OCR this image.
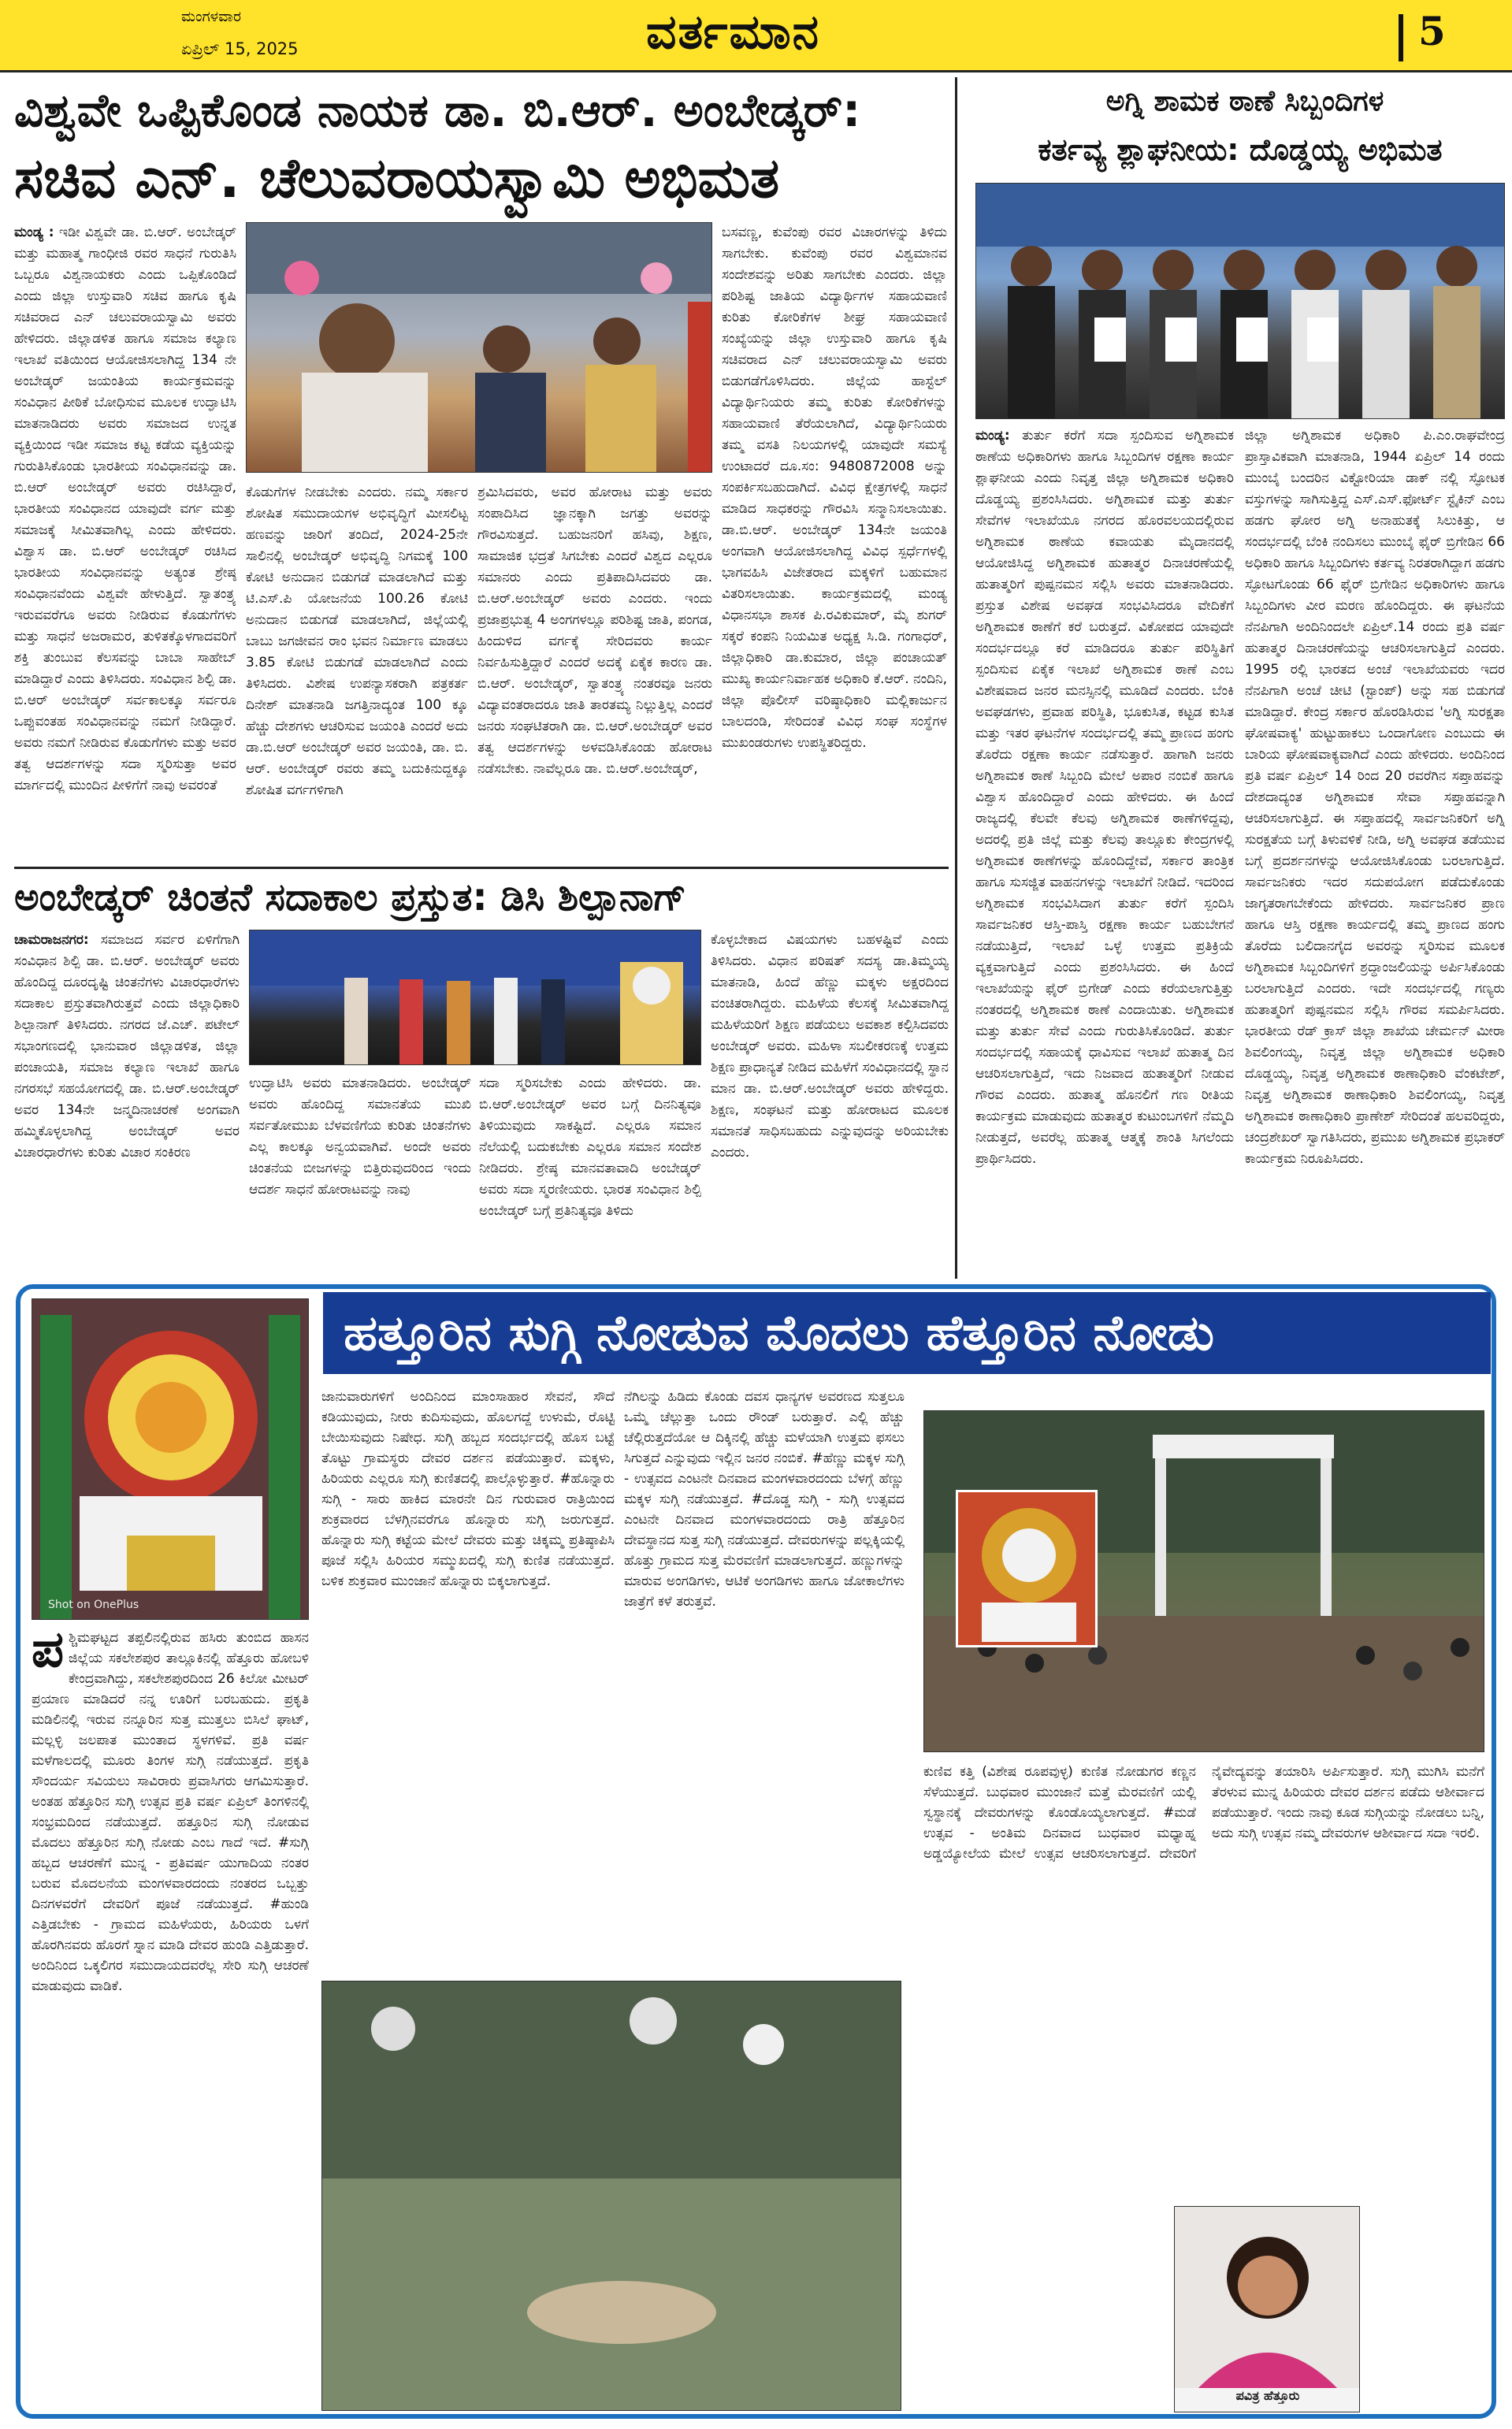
ಮಂಗಳವಾರ
ಏಪ್ರಿಲ್ 15, 2025	ವರ್ತಮಾನ	5
ವಿಶ್ವವೇ ಒಪ್ಪಿಕೊಂಡ ನಾಯಕ ಡಾ. ಬಿ.ಆರ್. ಅಂಬೇಡ್ಕರ್:
ಸಚಿವ ಎನ್. ಚೆಲುವರಾಯಸ್ವಾಮಿ ಅಭಿಮತ
ಅಗ್ನಿ ಶಾಮಕ ಠಾಣೆ ಸಿಬ್ಬಂದಿಗಳ
ಕರ್ತವ್ಯ ಶ್ಲಾಘನೀಯ: ದೊಡ್ಡಯ್ಯ ಅಭಿಮತ
ಮಂಡ್ಯ : ಇಡೀ ವಿಶ್ವವೇ ಡಾ. ಬಿ.ಆರ್. ಅಂಬೇಡ್ಕರ್ ಮತ್ತು ಮಹಾತ್ಮ ಗಾಂಧೀಜಿ ರವರ ಸಾಧನೆ ಗುರುತಿಸಿ ಒಬ್ಬರೂ ವಿಶ್ವನಾಯಕರು ಎಂದು ಒಪ್ಪಿಕೊಂಡಿದೆ ಎಂದು ಜಿಲ್ಲಾ ಉಸ್ತುವಾರಿ ಸಚಿವ ಹಾಗೂ ಕೃಷಿ ಸಚಿವರಾದ ಎನ್ ಚಲುವರಾಯಸ್ವಾಮಿ ಅವರು ಹೇಳಿದರು. ಜಿಲ್ಲಾಡಳಿತ ಹಾಗೂ ಸಮಾಜ ಕಲ್ಯಾಣ ಇಲಾಖೆ ವತಿಯಿಂದ ಆಯೋಜಿಸಲಾಗಿದ್ದ 134 ನೇ ಅಂಬೇಡ್ಕರ್ ಜಯಂತಿಯ ಕಾರ್ಯಕ್ರಮವನ್ನು ಸಂವಿಧಾನ ಪೀಠಿಕೆ ಬೋಧಿಸುವ ಮೂಲಕ ಉದ್ಘಾಟಿಸಿ ಮಾತನಾಡಿದರು ಅವರು ಸಮಾಜದ ಉನ್ನತ ವ್ಯಕ್ತಿಯಿಂದ ಇಡೀ ಸಮಾಜ ಕಟ್ಟ ಕಡೆಯ ವ್ಯಕ್ತಿಯನ್ನು ಗುರುತಿಸಿಕೊಂಡು ಭಾರತೀಯ ಸಂವಿಧಾನವನ್ನು ಡಾ. ಬಿ.ಆರ್ ಅಂಬೇಡ್ಕರ್ ಅವರು ರಚಿಸಿದ್ದಾರೆ, ಭಾರತೀಯ ಸಂವಿಧಾನದ ಯಾವುದೇ ವರ್ಗ ಮತ್ತು ಸಮಾಜಕ್ಕೆ ಸೀಮಿತವಾಗಿಲ್ಲ ಎಂದು ಹೇಳಿದರು. ವಿಶ್ವಾಸ ಡಾ. ಬಿ.ಆರ್ ಅಂಬೇಡ್ಕರ್ ರಚಿಸಿದ ಭಾರತೀಯ ಸಂವಿಧಾನವನ್ನು ಅತ್ಯಂತ ಶ್ರೇಷ್ಠ ಸಂವಿಧಾನವೆಂದು ವಿಶ್ವವೇ ಹೇಳುತ್ತಿದೆ. ಸ್ವಾತಂತ್ರ್ಯ ಇರುವವರೆಗೂ ಅವರು ನೀಡಿರುವ ಕೊಡುಗೆಗಳು ಮತ್ತು ಸಾಧನೆ ಅಜರಾಮರ, ತುಳಿತಕ್ಕೊಳಗಾದವರಿಗೆ ಶಕ್ತಿ ತುಂಬುವ ಕೆಲಸವನ್ನು ಬಾಬಾ ಸಾಹೇಬ್ ಮಾಡಿದ್ದಾರೆ ಎಂದು ತಿಳಿಸಿದರು. ಸಂವಿಧಾನ ಶಿಲ್ಪಿ ಡಾ. ಬಿ.ಆರ್ ಅಂಬೇಡ್ಕರ್ ಸರ್ವಕಾಲಕ್ಕೂ ಸರ್ವರೂ ಒಪ್ಪುವಂತಹ ಸಂವಿಧಾನವನ್ನು ನಮಗೆ ನೀಡಿದ್ದಾರೆ. ಅವರು ನಮಗೆ ನೀಡಿರುವ ಕೊಡುಗೆಗಳು ಮತ್ತು ಅವರ ತತ್ವ ಆದರ್ಶಗಳನ್ನು ಸದಾ ಸ್ಮರಿಸುತ್ತಾ ಅವರ ಮಾರ್ಗದಲ್ಲಿ ಮುಂದಿನ ಪೀಳಿಗೆಗೆ ನಾವು ಅವರಂತೆ
ಕೊಡುಗೆಗಳ ನೀಡಬೇಕು ಎಂದರು. ನಮ್ಮ ಸರ್ಕಾರ ಶೋಷಿತ ಸಮುದಾಯಗಳ ಅಭಿವೃದ್ಧಿಗೆ ಮೀಸಲಿಟ್ಟ ಹಣವನ್ನು ಜಾರಿಗೆ ತಂದಿದೆ, 2024-25ನೇ ಸಾಲಿನಲ್ಲಿ ಅಂಬೇಡ್ಕರ್ ಅಭಿವೃದ್ಧಿ ನಿಗಮಕ್ಕೆ 100 ಕೋಟಿ ಅನುದಾನ ಬಿಡುಗಡೆ ಮಾಡಲಾಗಿದೆ ಮತ್ತು ಟಿ.ಎಸ್.ಪಿ ಯೋಜನೆಯ 100.26 ಕೋಟಿ ಅನುದಾನ ಬಿಡುಗಡೆ ಮಾಡಲಾಗಿದೆ, ಜಿಲ್ಲೆಯಲ್ಲಿ ಬಾಬು ಜಗಜೀವನ ರಾಂ ಭವನ ನಿರ್ಮಾಣ ಮಾಡಲು 3.85 ಕೋಟಿ ಬಿಡುಗಡೆ ಮಾಡಲಾಗಿದೆ ಎಂದು ತಿಳಿಸಿದರು. ವಿಶೇಷ ಉಪನ್ಯಾಸಕರಾಗಿ ಪತ್ರಕರ್ತ ದಿನೇಶ್ ಮಾತನಾಡಿ ಜಗತ್ತಿನಾದ್ಯಂತ 100 ಕ್ಕೂ ಹೆಚ್ಚು ದೇಶಗಳು ಆಚರಿಸುವ ಜಯಂತಿ ಎಂದರೆ ಅದು ಡಾ.ಬಿ.ಆರ್ ಅಂಬೇಡ್ಕರ್ ಅವರ ಜಯಂತಿ, ಡಾ. ಬಿ. ಆರ್. ಅಂಬೇಡ್ಕರ್ ರವರು ತಮ್ಮ ಬದುಕಿನುದ್ದಕ್ಕೂ ಶೋಷಿತ ವರ್ಗಗಳಿಗಾಗಿ
ಶ್ರಮಿಸಿದವರು, ಅವರ ಹೋರಾಟ ಮತ್ತು ಅವರು ಸಂಪಾದಿಸಿದ ಜ್ಞಾನಕ್ಕಾಗಿ ಜಗತ್ತು ಅವರನ್ನು ಗೌರವಿಸುತ್ತದೆ. ಬಹುಜನರಿಗೆ ಹಸಿವು, ಶಿಕ್ಷಣ, ಸಾಮಾಜಿಕ ಭದ್ರತೆ ಸಿಗಬೇಕು ಎಂದರೆ ವಿಶ್ವದ ಎಲ್ಲರೂ ಸಮಾನರು ಎಂದು ಪ್ರತಿಪಾದಿಸಿದವರು ಡಾ. ಬಿ.ಆರ್.ಅಂಬೇಡ್ಕರ್ ಅವರು ಎಂದರು. ಇಂದು ಪ್ರಜಾಪ್ರಭುತ್ವ 4 ಅಂಗಗಳಲ್ಲೂ ಪರಿಶಿಷ್ಟ ಜಾತಿ, ಪಂಗಡ, ಹಿಂದುಳಿದ ವರ್ಗಕ್ಕೆ ಸೇರಿದವರು ಕಾರ್ಯ ನಿರ್ವಹಿಸುತ್ತಿದ್ದಾರೆ ಎಂದರೆ ಅದಕ್ಕೆ ಏಕೈಕ ಕಾರಣ ಡಾ. ಬಿ.ಆರ್. ಅಂಬೇಡ್ಕರ್, ಸ್ವಾತಂತ್ರ್ಯ ನಂತರವೂ ಜನರು ವಿದ್ಯಾವಂತರಾದರೂ ಜಾತಿ ತಾರತಮ್ಯ ನಿಲ್ಲುತ್ತಿಲ್ಲ ಎಂದರೆ ಜನರು ಸಂಘಟಿತರಾಗಿ ಡಾ. ಬಿ.ಆರ್.ಅಂಬೇಡ್ಕರ್ ಅವರ ತತ್ವ ಆದರ್ಶಗಳನ್ನು ಅಳವಡಿಸಿಕೊಂಡು ಹೋರಾಟ ನಡೆಸಬೇಕು. ನಾವೆಲ್ಲರೂ ಡಾ. ಬಿ.ಆರ್.ಅಂಬೇಡ್ಕರ್,
ಬಸವಣ್ಣ, ಕುವೆಂಪು ರವರ ವಿಚಾರಗಳನ್ನು ತಿಳಿದು ಸಾಗಬೇಕು. ಕುವೆಂಪು ರವರ ವಿಶ್ವಮಾನವ ಸಂದೇಶವನ್ನು ಅರಿತು ಸಾಗಬೇಕು ಎಂದರು. ಜಿಲ್ಲಾ ಪರಿಶಿಷ್ಟ ಜಾತಿಯ ವಿದ್ಯಾರ್ಥಿಗಳ ಸಹಾಯವಾಣಿ ಕುರಿತು ಕೋರಿಕೆಗಳ ಶೀಘ್ರ ಸಹಾಯವಾಣಿ ಸಂಖ್ಯೆಯನ್ನು ಜಿಲ್ಲಾ ಉಸ್ತುವಾರಿ ಹಾಗೂ ಕೃಷಿ ಸಚಿವರಾದ ಎನ್ ಚಲುವರಾಯಸ್ವಾಮಿ ಅವರು ಬಿಡುಗಡೆಗೊಳಿಸಿದರು. ಜಿಲ್ಲೆಯ ಹಾಸ್ಟೆಲ್ ವಿದ್ಯಾರ್ಥಿನಿಯರು ತಮ್ಮ ಕುರಿತು ಕೋರಿಕೆಗಳನ್ನು ಸಹಾಯವಾಣಿ ತೆರೆಯಲಾಗಿದೆ, ವಿದ್ಯಾರ್ಥಿನಿಯರು ತಮ್ಮ ವಸತಿ ನಿಲಯಗಳಲ್ಲಿ ಯಾವುದೇ ಸಮಸ್ಯೆ ಉಂಟಾದರೆ ದೂ.ಸಂ: 9480872008 ಅನ್ನು ಸಂಪರ್ಕಿಸಬಹುದಾಗಿದೆ. ವಿವಿಧ ಕ್ಷೇತ್ರಗಳಲ್ಲಿ ಸಾಧನೆ ಮಾಡಿದ ಸಾಧಕರನ್ನು ಗೌರವಿಸಿ ಸನ್ಮಾನಿಸಲಾಯಿತು. ಡಾ.ಬಿ.ಆರ್. ಅಂಬೇಡ್ಕರ್ 134ನೇ ಜಯಂತಿ ಅಂಗವಾಗಿ ಆಯೋಜಿಸಲಾಗಿದ್ದ ವಿವಿಧ ಸ್ಪರ್ಧೆಗಳಲ್ಲಿ ಭಾಗವಹಿಸಿ ವಿಜೇತರಾದ ಮಕ್ಕಳಿಗೆ ಬಹುಮಾನ ವಿತರಿಸಲಾಯಿತು. ಕಾರ್ಯಕ್ರಮದಲ್ಲಿ ಮಂಡ್ಯ ವಿಧಾನಸಭಾ ಶಾಸಕ ಪಿ.ರವಿಕುಮಾರ್, ಮೈ ಶುಗರ್ ಸಕ್ಕರೆ ಕಂಪನಿ ನಿಯಮಿತ ಅಧ್ಯಕ್ಷ ಸಿ.ಡಿ. ಗಂಗಾಧರ್, ಜಿಲ್ಲಾಧಿಕಾರಿ ಡಾ.ಕುಮಾರ, ಜಿಲ್ಲಾ ಪಂಚಾಯತ್ ಮುಖ್ಯ ಕಾರ್ಯನಿರ್ವಾಹಕ ಅಧಿಕಾರಿ ಕೆ.ಆರ್. ನಂದಿನಿ, ಜಿಲ್ಲಾ ಪೊಲೀಸ್ ವರಿಷ್ಠಾಧಿಕಾರಿ ಮಲ್ಲಿಕಾರ್ಜುನ ಬಾಲದಂಡಿ, ಸೇರಿದಂತೆ ವಿವಿಧ ಸಂಘ ಸಂಸ್ಥೆಗಳ ಮುಖಂಡರುಗಳು ಉಪಸ್ಥಿತರಿದ್ದರು.
ಅಂಬೇಡ್ಕರ್ ಚಿಂತನೆ ಸದಾಕಾಲ ಪ್ರಸ್ತುತ: ಡಿಸಿ ಶಿಲ್ಪಾನಾಗ್
ಚಾಮರಾಜನಗರ: ಸಮಾಜದ ಸರ್ವರ ಏಳಿಗೆಗಾಗಿ ಸಂವಿಧಾನ ಶಿಲ್ಪಿ ಡಾ. ಬಿ.ಆರ್. ಅಂಬೇಡ್ಕರ್ ಅವರು ಹೊಂದಿದ್ದ ದೂರದೃಷ್ಟಿ ಚಿಂತನೆಗಳು ವಿಚಾರಧಾರೆಗಳು ಸದಾಕಾಲ ಪ್ರಸ್ತುತವಾಗಿರುತ್ತವೆ ಎಂದು ಜಿಲ್ಲಾಧಿಕಾರಿ ಶಿಲ್ಪಾನಾಗ್ ತಿಳಿಸಿದರು. ನಗರದ ಜೆ.ಎಚ್. ಪಟೇಲ್ ಸಭಾಂಗಣದಲ್ಲಿ ಭಾನುವಾರ ಜಿಲ್ಲಾಡಳಿತ, ಜಿಲ್ಲಾ ಪಂಚಾಯತಿ, ಸಮಾಜ ಕಲ್ಯಾಣ ಇಲಾಖೆ ಹಾಗೂ ನಗರಸಭೆ ಸಹಯೋಗದಲ್ಲಿ ಡಾ. ಬಿ.ಆರ್.ಅಂಬೇಡ್ಕರ್ ಅವರ 134ನೇ ಜನ್ಮದಿನಾಚರಣೆ ಅಂಗವಾಗಿ ಹಮ್ಮಿಕೊಳ್ಳಲಾಗಿದ್ದ ಅಂಬೇಡ್ಕರ್ ಅವರ ವಿಚಾರಧಾರೆಗಳು ಕುರಿತು ವಿಚಾರ ಸಂಕಿರಣ
ಉದ್ಘಾಟಿಸಿ ಅವರು ಮಾತನಾಡಿದರು. ಅಂಬೇಡ್ಕರ್ ಅವರು ಹೊಂದಿದ್ದ ಸಮಾನತೆಯ ಮುಖಿ ಸರ್ವತೋಮುಖ ಬೆಳವಣಿಗೆಯ ಕುರಿತು ಚಿಂತನೆಗಳು ಎಲ್ಲ ಕಾಲಕ್ಕೂ ಅನ್ವಯವಾಗಿವೆ. ಅಂದೇ ಅವರು ಚಿಂತನೆಯ ಬೀಜಗಳನ್ನು ಬಿತ್ತಿರುವುದರಿಂದ ಇಂದು ಆದರ್ಶ ಸಾಧನೆ ಹೋರಾಟವನ್ನು ನಾವು
ಸದಾ ಸ್ಮರಿಸಬೇಕು ಎಂದು ಹೇಳಿದರು. ಡಾ. ಬಿ.ಆರ್.ಅಂಬೇಡ್ಕರ್ ಅವರ ಬಗ್ಗೆ ದಿನನಿತ್ಯವೂ ತಿಳಿಯುವುದು ಸಾಕಷ್ಟಿದೆ. ಎಲ್ಲರೂ ಸಮಾನ ನೆಲೆಯಲ್ಲಿ ಬದುಕಬೇಕು ಎಲ್ಲರೂ ಸಮಾನ ಸಂದೇಶ ನೀಡಿದರು. ಶ್ರೇಷ್ಠ ಮಾನವತಾವಾದಿ ಅಂಬೇಡ್ಕರ್ ಅವರು ಸದಾ ಸ್ಮರಣೀಯರು. ಭಾರತ ಸಂವಿಧಾನ ಶಿಲ್ಪಿ ಅಂಬೇಡ್ಕರ್ ಬಗ್ಗೆ ಪ್ರತಿನಿತ್ಯವೂ ತಿಳಿದು
ಕೊಳ್ಳಬೇಕಾದ ವಿಷಯಗಳು ಬಹಳಷ್ಟಿವೆ ಎಂದು ತಿಳಿಸಿದರು. ವಿಧಾನ ಪರಿಷತ್ ಸದಸ್ಯ ಡಾ.ತಿಮ್ಮಯ್ಯ ಮಾತನಾಡಿ, ಹಿಂದೆ ಹೆಣ್ಣು ಮಕ್ಕಳು ಅಕ್ಷರದಿಂದ ವಂಚಿತರಾಗಿದ್ದರು. ಮಹಿಳೆಯ ಕೆಲಸಕ್ಕೆ ಸೀಮಿತವಾಗಿದ್ದ ಮಹಿಳೆಯರಿಗೆ ಶಿಕ್ಷಣ ಪಡೆಯಲು ಅವಕಾಶ ಕಲ್ಪಿಸಿದವರು ಅಂಬೇಡ್ಕರ್ ಅವರು. ಮಹಿಳಾ ಸಬಲೀಕರಣಕ್ಕೆ ಉತ್ತಮ ಶಿಕ್ಷಣ ಪ್ರಾಧಾನ್ಯತೆ ನೀಡಿದ ಮಹಿಳೆಗೆ ಸಂವಿಧಾನದಲ್ಲಿ ಸ್ಥಾನ ಮಾನ ಡಾ. ಬಿ.ಆರ್.ಅಂಬೇಡ್ಕರ್ ಅವರು ಹೇಳಿದ್ದರು. ಶಿಕ್ಷಣ, ಸಂಘಟನೆ ಮತ್ತು ಹೋರಾಟದ ಮೂಲಕ ಸಮಾನತೆ ಸಾಧಿಸಬಹುದು ಎನ್ನುವುದನ್ನು ಅರಿಯಬೇಕು ಎಂದರು.
ಮಂಡ್ಯ: ತುರ್ತು ಕರೆಗೆ ಸದಾ ಸ್ಪಂದಿಸುವ ಅಗ್ನಿಶಾಮಕ ಠಾಣೆಯ ಅಧಿಕಾರಿಗಳು ಹಾಗೂ ಸಿಬ್ಬಂದಿಗಳ ರಕ್ಷಣಾ ಕಾರ್ಯ ಶ್ಲಾಘನೀಯ ಎಂದು ನಿವೃತ್ತ ಜಿಲ್ಲಾ ಅಗ್ನಿಶಾಮಕ ಅಧಿಕಾರಿ ದೊಡ್ಡಯ್ಯ ಪ್ರಶಂಸಿಸಿದರು. ಅಗ್ನಿಶಾಮಕ ಮತ್ತು ತುರ್ತು ಸೇವೆಗಳ ಇಲಾಖೆಯೂ ನಗರದ ಹೊರವಲಯದಲ್ಲಿರುವ ಅಗ್ನಿಶಾಮಕ ಠಾಣೆಯ ಕವಾಯತು ಮೈದಾನದಲ್ಲಿ ಆಯೋಜಿಸಿದ್ದ ಅಗ್ನಿಶಾಮಕ ಹುತಾತ್ಮರ ದಿನಾಚರಣೆಯಲ್ಲಿ ಹುತಾತ್ಮರಿಗೆ ಪುಷ್ಪನಮನ ಸಲ್ಲಿಸಿ ಅವರು ಮಾತನಾಡಿದರು. ಪ್ರಸ್ತುತ ವಿಶೇಷ ಅವಘಡ ಸಂಭವಿಸಿದರೂ ವೇದಿಕೆಗೆ ಅಗ್ನಿಶಾಮಕ ಠಾಣೆಗೆ ಕರೆ ಬರುತ್ತದೆ. ವಿಕೋಪದ ಯಾವುದೇ ಸಂದರ್ಭದಲ್ಲೂ ಕರೆ ಮಾಡಿದರೂ ತುರ್ತು ಪರಿಸ್ಥಿತಿಗೆ ಸ್ಪಂದಿಸುವ ಏಕೈಕ ಇಲಾಖೆ ಅಗ್ನಿಶಾಮಕ ಠಾಣೆ ಎಂಬ ವಿಶೇಷವಾದ ಜನರ ಮನಸ್ಸಿನಲ್ಲಿ ಮೂಡಿದೆ ಎಂದರು. ಬೆಂಕಿ ಅವಘಡಗಳು, ಪ್ರವಾಹ ಪರಿಸ್ಥಿತಿ, ಭೂಕುಸಿತ, ಕಟ್ಟಡ ಕುಸಿತ ಮತ್ತು ಇತರ ಘಟನೆಗಳ ಸಂದರ್ಭದಲ್ಲಿ ತಮ್ಮ ಪ್ರಾಣದ ಹಂಗು ತೊರೆದು ರಕ್ಷಣಾ ಕಾರ್ಯ ನಡೆಸುತ್ತಾರೆ. ಹಾಗಾಗಿ ಜನರು ಅಗ್ನಿಶಾಮಕ ಠಾಣೆ ಸಿಬ್ಬಂದಿ ಮೇಲೆ ಅಪಾರ ನಂಬಿಕೆ ಹಾಗೂ ವಿಶ್ವಾಸ ಹೊಂದಿದ್ದಾರೆ ಎಂದು ಹೇಳಿದರು. ಈ ಹಿಂದೆ ರಾಜ್ಯದಲ್ಲಿ ಕೆಲವೇ ಕೆಲವು ಅಗ್ನಿಶಾಮಕ ಠಾಣೆಗಳಿದ್ದವು, ಅದರಲ್ಲಿ ಪ್ರತಿ ಜಿಲ್ಲೆ ಮತ್ತು ಕೆಲವು ತಾಲ್ಲೂಕು ಕೇಂದ್ರಗಳಲ್ಲಿ ಅಗ್ನಿಶಾಮಕ ಠಾಣೆಗಳನ್ನು ಹೊಂದಿದ್ದೇವೆ, ಸರ್ಕಾರ ತಾಂತ್ರಿಕ ಹಾಗೂ ಸುಸಜ್ಜಿತ ವಾಹನಗಳನ್ನು ಇಲಾಖೆಗೆ ನೀಡಿದೆ. ಇದರಿಂದ ಅಗ್ನಿಶಾಮಕ ಸಂಭವಿಸಿದಾಗ ತುರ್ತು ಕರೆಗೆ ಸ್ಪಂದಿಸಿ ಸಾರ್ವಜನಿಕರ ಆಸ್ತಿ-ಪಾಸ್ತಿ ರಕ್ಷಣಾ ಕಾರ್ಯ ಬಹುಬೇಗನೆ ನಡೆಯುತ್ತಿದೆ, ಇಲಾಖೆ ಒಳ್ಳೆ ಉತ್ತಮ ಪ್ರತಿಕ್ರಿಯೆ ವ್ಯಕ್ತವಾಗುತ್ತಿದೆ ಎಂದು ಪ್ರಶಂಸಿಸಿದರು. ಈ ಹಿಂದೆ ಇಲಾಖೆಯನ್ನು ಫೈರ್ ಬ್ರಿಗೇಡ್ ಎಂದು ಕರೆಯಲಾಗುತ್ತಿತ್ತು ನಂತರದಲ್ಲಿ ಅಗ್ನಿಶಾಮಕ ಠಾಣೆ ಎಂದಾಯಿತು. ಅಗ್ನಿಶಾಮಕ ಮತ್ತು ತುರ್ತು ಸೇವೆ ಎಂದು ಗುರುತಿಸಿಕೊಂಡಿದೆ. ತುರ್ತು ಸಂದರ್ಭದಲ್ಲಿ ಸಹಾಯಕ್ಕೆ ಧಾವಿಸುವ ಇಲಾಖೆ ಹುತಾತ್ಮ ದಿನ ಆಚರಿಸಲಾಗುತ್ತಿದೆ, ಇದು ನಿಜವಾದ ಹುತಾತ್ಮರಿಗೆ ನೀಡುವ ಗೌರವ ಎಂದರು. ಹುತಾತ್ಮ ಹೊನಲಿಗೆ ಗಣ ರೀತಿಯ ಕಾರ್ಯಕ್ರಮ ಮಾಡುವುದು ಹುತಾತ್ಮರ ಕುಟುಂಬಗಳಿಗೆ ನೆಮ್ಮದಿ ನೀಡುತ್ತದೆ, ಅವರೆಲ್ಲ ಹುತಾತ್ಮ ಆತ್ಮಕ್ಕೆ ಶಾಂತಿ ಸಿಗಲೆಂದು ಪ್ರಾರ್ಥಿಸಿದರು.
ಜಿಲ್ಲಾ ಅಗ್ನಿಶಾಮಕ ಅಧಿಕಾರಿ ಪಿ.ಎಂ.ರಾಘವೇಂದ್ರ ಪ್ರಾಸ್ತಾವಿಕವಾಗಿ ಮಾತನಾಡಿ, 1944 ಏಪ್ರಿಲ್ 14 ರಂದು ಮುಂಬೈ ಬಂದರಿನ ವಿಕ್ಟೋರಿಯಾ ಡಾಕ್ ನಲ್ಲಿ ಸ್ಫೋಟಕ ವಸ್ತುಗಳನ್ನು ಸಾಗಿಸುತ್ತಿದ್ದ ಎಸ್.ಎಸ್.ಫೋರ್ಟ್ ಸ್ಟೈಕಿನ್ ಎಂಬ ಹಡಗು ಘೋರ ಅಗ್ನಿ ಅನಾಹುತಕ್ಕೆ ಸಿಲುಕಿತ್ತು, ಆ ಸಂದರ್ಭದಲ್ಲಿ ಬೆಂಕಿ ನಂದಿಸಲು ಮುಂಬೈ ಫೈರ್ ಬ್ರಿಗೇಡಿನ 66 ಅಧಿಕಾರಿ ಹಾಗೂ ಸಿಬ್ಬಂದಿಗಳು ಕರ್ತವ್ಯ ನಿರತರಾಗಿದ್ದಾಗ ಹಡಗು ಸ್ಫೋಟಗೊಂಡು 66 ಫೈರ್ ಬ್ರಿಗೇಡಿನ ಅಧಿಕಾರಿಗಳು ಹಾಗೂ ಸಿಬ್ಬಂದಿಗಳು ವೀರ ಮರಣ ಹೊಂದಿದ್ದರು. ಈ ಘಟನೆಯ ನೆನಪಿಗಾಗಿ ಅಂದಿನಿಂದಲೇ ಏಪ್ರಿಲ್.14 ರಂದು ಪ್ರತಿ ವರ್ಷ ಹುತಾತ್ಮರ ದಿನಾಚರಣೆಯನ್ನು ಆಚರಿಸಲಾಗುತ್ತಿದೆ ಎಂದರು. 1995 ರಲ್ಲಿ ಭಾರತದ ಅಂಚೆ ಇಲಾಖೆಯವರು ಇದರ ನೆನಪಿಗಾಗಿ ಅಂಚೆ ಚೀಟಿ (ಸ್ಟಾಂಪ್) ಅನ್ನು ಸಹ ಬಿಡುಗಡೆ ಮಾಡಿದ್ದಾರೆ. ಕೇಂದ್ರ ಸರ್ಕಾರ ಹೊರಡಿಸಿರುವ 'ಅಗ್ನಿ ಸುರಕ್ಷತಾ ಘೋಷವಾಕ್ಯ' ಹುಟ್ಟುಹಾಕಲು ಒಂದಾಗೋಣ ಎಂಬುದು ಈ ಬಾರಿಯ ಘೋಷವಾಕ್ಯವಾಗಿದೆ ಎಂದು ಹೇಳಿದರು. ಅಂದಿನಿಂದ ಪ್ರತಿ ವರ್ಷ ಏಪ್ರಿಲ್ 14 ರಿಂದ 20 ರವರೆಗಿನ ಸಪ್ತಾಹವನ್ನು ದೇಶದಾದ್ಯಂತ ಅಗ್ನಿಶಾಮಕ ಸೇವಾ ಸಪ್ತಾಹವನ್ನಾಗಿ ಆಚರಿಸಲಾಗುತ್ತಿದೆ. ಈ ಸಪ್ತಾಹದಲ್ಲಿ ಸಾರ್ವಜನಿಕರಿಗೆ ಅಗ್ನಿ ಸುರಕ್ಷತೆಯ ಬಗ್ಗೆ ತಿಳುವಳಿಕೆ ನೀಡಿ, ಅಗ್ನಿ ಅವಘಡ ತಡೆಯುವ ಬಗ್ಗೆ ಪ್ರದರ್ಶನಗಳನ್ನು ಆಯೋಜಿಸಿಕೊಂಡು ಬರಲಾಗುತ್ತಿದೆ. ಸಾರ್ವಜನಿಕರು ಇದರ ಸದುಪಯೋಗ ಪಡೆದುಕೊಂಡು ಜಾಗೃತರಾಗಬೇಕೆಂದು ಹೇಳಿದರು. ಸಾರ್ವಜನಿಕರ ಪ್ರಾಣ ಹಾಗೂ ಆಸ್ತಿ ರಕ್ಷಣಾ ಕಾರ್ಯದಲ್ಲಿ ತಮ್ಮ ಪ್ರಾಣದ ಹಂಗು ತೊರೆದು ಬಲಿದಾನಗೈದ ಅವರನ್ನು ಸ್ಮರಿಸುವ ಮೂಲಕ ಅಗ್ನಿಶಾಮಕ ಸಿಬ್ಬಂದಿಗಳಿಗೆ ಶ್ರದ್ಧಾಂಜಲಿಯನ್ನು ಅರ್ಪಿಸಿಕೊಂಡು ಬರಲಾಗುತ್ತಿದೆ ಎಂದರು. ಇದೇ ಸಂದರ್ಭದಲ್ಲಿ ಗಣ್ಯರು ಹುತಾತ್ಮರಿಗೆ ಪುಷ್ಪನಮನ ಸಲ್ಲಿಸಿ ಗೌರವ ಸಮರ್ಪಿಸಿದರು. ಭಾರತೀಯ ರೆಡ್ ಕ್ರಾಸ್ ಜಿಲ್ಲಾ ಶಾಖೆಯ ಚೇರ್ಮನ್ ಮೀರಾ ಶಿವಲಿಂಗಯ್ಯ, ನಿವೃತ್ತ ಜಿಲ್ಲಾ ಅಗ್ನಿಶಾಮಕ ಅಧಿಕಾರಿ ದೊಡ್ಡಯ್ಯ, ನಿವೃತ್ತ ಅಗ್ನಿಶಾಮಕ ಠಾಣಾಧಿಕಾರಿ ವೆಂಕಟೇಶ್, ನಿವೃತ್ತ ಅಗ್ನಿಶಾಮಕ ಠಾಣಾಧಿಕಾರಿ ಶಿವಲಿಂಗಯ್ಯ, ನಿವೃತ್ತ ಅಗ್ನಿಶಾಮಕ ಠಾಣಾಧಿಕಾರಿ ಪ್ರಾಣೇಶ್ ಸೇರಿದಂತೆ ಹಲವರಿದ್ದರು, ಚಂದ್ರಶೇಖರ್ ಸ್ವಾಗತಿಸಿದರು, ಪ್ರಮುಖ ಅಗ್ನಿಶಾಮಕ ಪ್ರಭಾಕರ್ ಕಾರ್ಯಕ್ರಮ ನಿರೂಪಿಸಿದರು.
ಹತ್ತೂರಿನ ಸುಗ್ಗಿ ನೋಡುವ ಮೊದಲು ಹೆತ್ತೂರಿನ ನೋಡು
Shot on OnePlus
ಪವಿತ್ರ ಹೆತ್ತೂರು
ಪಶ್ಚಿಮಘಟ್ಟದ ತಪ್ಪಲಿನಲ್ಲಿರುವ ಹಸಿರು ತುಂಬಿದ ಹಾಸನ ಜಿಲ್ಲೆಯ ಸಕಲೇಶಪುರ ತಾಲ್ಲೂಕಿನಲ್ಲಿ ಹೆತ್ತೂರು ಹೋಬಳಿ ಕೇಂದ್ರವಾಗಿದ್ದು, ಸಕಲೇಶಪುರದಿಂದ 26 ಕಿಲೋ ಮೀಟರ್ ಪ್ರಯಾಣ ಮಾಡಿದರೆ ನನ್ನ ಊರಿಗೆ ಬರಬಹುದು. ಪ್ರಕೃತಿ ಮಡಿಲಿನಲ್ಲಿ ಇರುವ ನನ್ನೂರಿನ ಸುತ್ತ ಮುತ್ತಲು ಬಿಸಿಲೆ ಘಾಟ್, ಮಲ್ಲಳ್ಳಿ ಜಲಪಾತ ಮುಂತಾದ ಸ್ಥಳಗಳಿವೆ. ಪ್ರತಿ ವರ್ಷ ಮಳೆಗಾಲದಲ್ಲಿ ಮೂರು ತಿಂಗಳ ಸುಗ್ಗಿ ನಡೆಯುತ್ತದೆ. ಪ್ರಕೃತಿ ಸೌಂದರ್ಯ ಸವಿಯಲು ಸಾವಿರಾರು ಪ್ರವಾಸಿಗರು ಆಗಮಿಸುತ್ತಾರೆ. ಅಂತಹ ಹೆತ್ತೂರಿನ ಸುಗ್ಗಿ ಉತ್ಸವ ಪ್ರತಿ ವರ್ಷ ಏಪ್ರಿಲ್ ತಿಂಗಳಿನಲ್ಲಿ ಸಂಭ್ರಮದಿಂದ ನಡೆಯುತ್ತದೆ. ಹತ್ತೂರಿನ ಸುಗ್ಗಿ ನೋಡುವ ಮೊದಲು ಹೆತ್ತೂರಿನ ಸುಗ್ಗಿ ನೋಡು ಎಂಬ ಗಾದೆ ಇದೆ. #ಸುಗ್ಗಿ ಹಬ್ಬದ ಆಚರಣೆಗೆ ಮುನ್ನ - ಪ್ರತಿವರ್ಷ ಯುಗಾದಿಯ ನಂತರ ಬರುವ ಮೊದಲನೆಯ ಮಂಗಳವಾರದಂದು ನಂತರದ ಒಬ್ಬತ್ತು ದಿನಗಳವರೆಗೆ ದೇವರಿಗೆ ಪೂಜೆ ನಡೆಯುತ್ತದೆ. #ಹುಂಡಿ ಎತ್ತಿಡಬೇಕು - ಗ್ರಾಮದ ಮಹಿಳೆಯರು, ಹಿರಿಯರು ಒಳಗೆ ಹೊರಗಿನವರು ಹೊರಗೆ ಸ್ನಾನ ಮಾಡಿ ದೇವರ ಹುಂಡಿ ಎತ್ತಿಡುತ್ತಾರೆ. ಅಂದಿನಿಂದ ಒಕ್ಕಲಿಗರ ಸಮುದಾಯದವರೆಲ್ಲ ಸೇರಿ ಸುಗ್ಗಿ ಆಚರಣೆ ಮಾಡುವುದು ವಾಡಿಕೆ.
ಜಾನುವಾರುಗಳಿಗೆ ಅಂದಿನಿಂದ ಮಾಂಸಾಹಾರ ಸೇವನೆ, ಸೌದೆ ಕಡಿಯುವುದು, ನೀರು ಕುದಿಸುವುದು, ಹೊಲಗದ್ದೆ ಉಳುಮೆ, ರೊಟ್ಟಿ ಬೇಯಿಸುವುದು ನಿಷೇಧ. ಸುಗ್ಗಿ ಹಬ್ಬದ ಸಂದರ್ಭದಲ್ಲಿ ಹೊಸ ಬಟ್ಟೆ ತೊಟ್ಟು ಗ್ರಾಮಸ್ಥರು ದೇವರ ದರ್ಶನ ಪಡೆಯುತ್ತಾರೆ. ಮಕ್ಕಳು, ಹಿರಿಯರು ಎಲ್ಲರೂ ಸುಗ್ಗಿ ಕುಣಿತದಲ್ಲಿ ಪಾಲ್ಗೊಳ್ಳುತ್ತಾರೆ. #ಹೊನ್ನಾರು ಸುಗ್ಗಿ - ಸಾರು ಹಾಕಿದ ಮಾರನೇ ದಿನ ಗುರುವಾರ ರಾತ್ರಿಯಿಂದ ಶುಕ್ರವಾರದ ಬೆಳಗ್ಗಿನವರೆಗೂ ಹೊನ್ನಾರು ಸುಗ್ಗಿ ಜರುಗುತ್ತದೆ. ಹೊನ್ನಾರು ಸುಗ್ಗಿ ಕಟ್ಟೆಯ ಮೇಲೆ ದೇವರು ಮತ್ತು ಚಿಕ್ಕಮ್ಮ ಪ್ರತಿಷ್ಠಾಪಿಸಿ ಪೂಜೆ ಸಲ್ಲಿಸಿ ಹಿರಿಯರ ಸಮ್ಮುಖದಲ್ಲಿ ಸುಗ್ಗಿ ಕುಣಿತ ನಡೆಯುತ್ತದೆ. ಬಳಿಕ ಶುಕ್ರವಾರ ಮುಂಜಾನೆ ಹೊನ್ನಾರು ಬಿಕ್ಕಲಾಗುತ್ತದೆ.
ನೆಗಿಲನ್ನು ಹಿಡಿದು ಕೊಂಡು ದವಸ ಧಾನ್ಯಗಳ ಅವರಣದ ಸುತ್ತಲೂ ಒಮ್ಮೆ ಚೆಲ್ಲುತ್ತಾ ಒಂದು ರೌಂಡ್ ಬರುತ್ತಾರೆ. ಎಲ್ಲಿ ಹೆಚ್ಚು ಚೆಲ್ಲಿರುತ್ತದೆಯೋ ಆ ದಿಕ್ಕಿನಲ್ಲಿ ಹೆಚ್ಚು ಮಳೆಯಾಗಿ ಉತ್ತಮ ಫಸಲು ಸಿಗುತ್ತದೆ ಎನ್ನುವುದು ಇಲ್ಲಿನ ಜನರ ನಂಬಿಕೆ. #ಹೆಣ್ಣು ಮಕ್ಕಳ ಸುಗ್ಗಿ - ಉತ್ಸವದ ಎಂಟನೇ ದಿನವಾದ ಮಂಗಳವಾರದಂದು ಬೆಳಗ್ಗೆ ಹೆಣ್ಣು ಮಕ್ಕಳ ಸುಗ್ಗಿ ನಡೆಯುತ್ತದೆ. #ದೊಡ್ಡ ಸುಗ್ಗಿ - ಸುಗ್ಗಿ ಉತ್ಸವದ ಎಂಟನೇ ದಿನವಾದ ಮಂಗಳವಾರದಂದು ರಾತ್ರಿ ಹೆತ್ತೂರಿನ ದೇವಸ್ಥಾನದ ಸುತ್ತ ಸುಗ್ಗಿ ನಡೆಯುತ್ತದೆ. ದೇವರುಗಳನ್ನು ಪಲ್ಲಕ್ಕಿಯಲ್ಲಿ ಹೊತ್ತು ಗ್ರಾಮದ ಸುತ್ತ ಮೆರವಣಿಗೆ ಮಾಡಲಾಗುತ್ತದೆ. ಹಣ್ಣುಗಳನ್ನು ಮಾರುವ ಅಂಗಡಿಗಳು, ಆಟಿಕೆ ಅಂಗಡಿಗಳು ಹಾಗೂ ಜೋಕಾಲೆಗಳು ಜಾತ್ರೆಗೆ ಕಳೆ ತರುತ್ತವೆ.
ಕುಣಿವ ಕತ್ತಿ (ವಿಶೇಷ ರೂಪವುಳ್ಳ) ಕುಣಿತ ನೋಡುಗರ ಕಣ್ಣನ ಸೆಳೆಯುತ್ತದೆ. ಬುಧವಾರ ಮುಂಜಾನೆ ಮತ್ತೆ ಮೆರವಣಿಗೆ ಯಲ್ಲಿ ಸ್ವಸ್ಥಾನಕ್ಕೆ ದೇವರುಗಳನ್ನು ಕೊಂಡೊಯ್ಯಲಾಗುತ್ತದೆ. #ಮಡೆ ಉತ್ಸವ - ಅಂತಿಮ ದಿನವಾದ ಬುಧವಾರ ಮಧ್ಯಾಹ್ನ ಅಡ್ಡಯ್ಯೋಲೆಯ ಮೇಲೆ ಉತ್ಸವ ಆಚರಿಸಲಾಗುತ್ತದೆ. ದೇವರಿಗೆ ನೈವೇದ್ಯವನ್ನು ತಯಾರಿಸಿ ಅರ್ಪಿಸುತ್ತಾರೆ. ಸುಗ್ಗಿ ಮುಗಿಸಿ ಮನೆಗೆ ತೆರಳುವ ಮುನ್ನ ಹಿರಿಯರು ದೇವರ ದರ್ಶನ ಪಡೆದು ಆಶೀರ್ವಾದ ಪಡೆಯುತ್ತಾರೆ. ಇಂದು ನಾವು ಕೂಡ ಸುಗ್ಗಿಯನ್ನು ನೋಡಲು ಬನ್ನಿ, ಅದು ಸುಗ್ಗಿ ಉತ್ಸವ ನಮ್ಮ ದೇವರುಗಳ ಆಶೀರ್ವಾದ ಸದಾ ಇರಲಿ.
